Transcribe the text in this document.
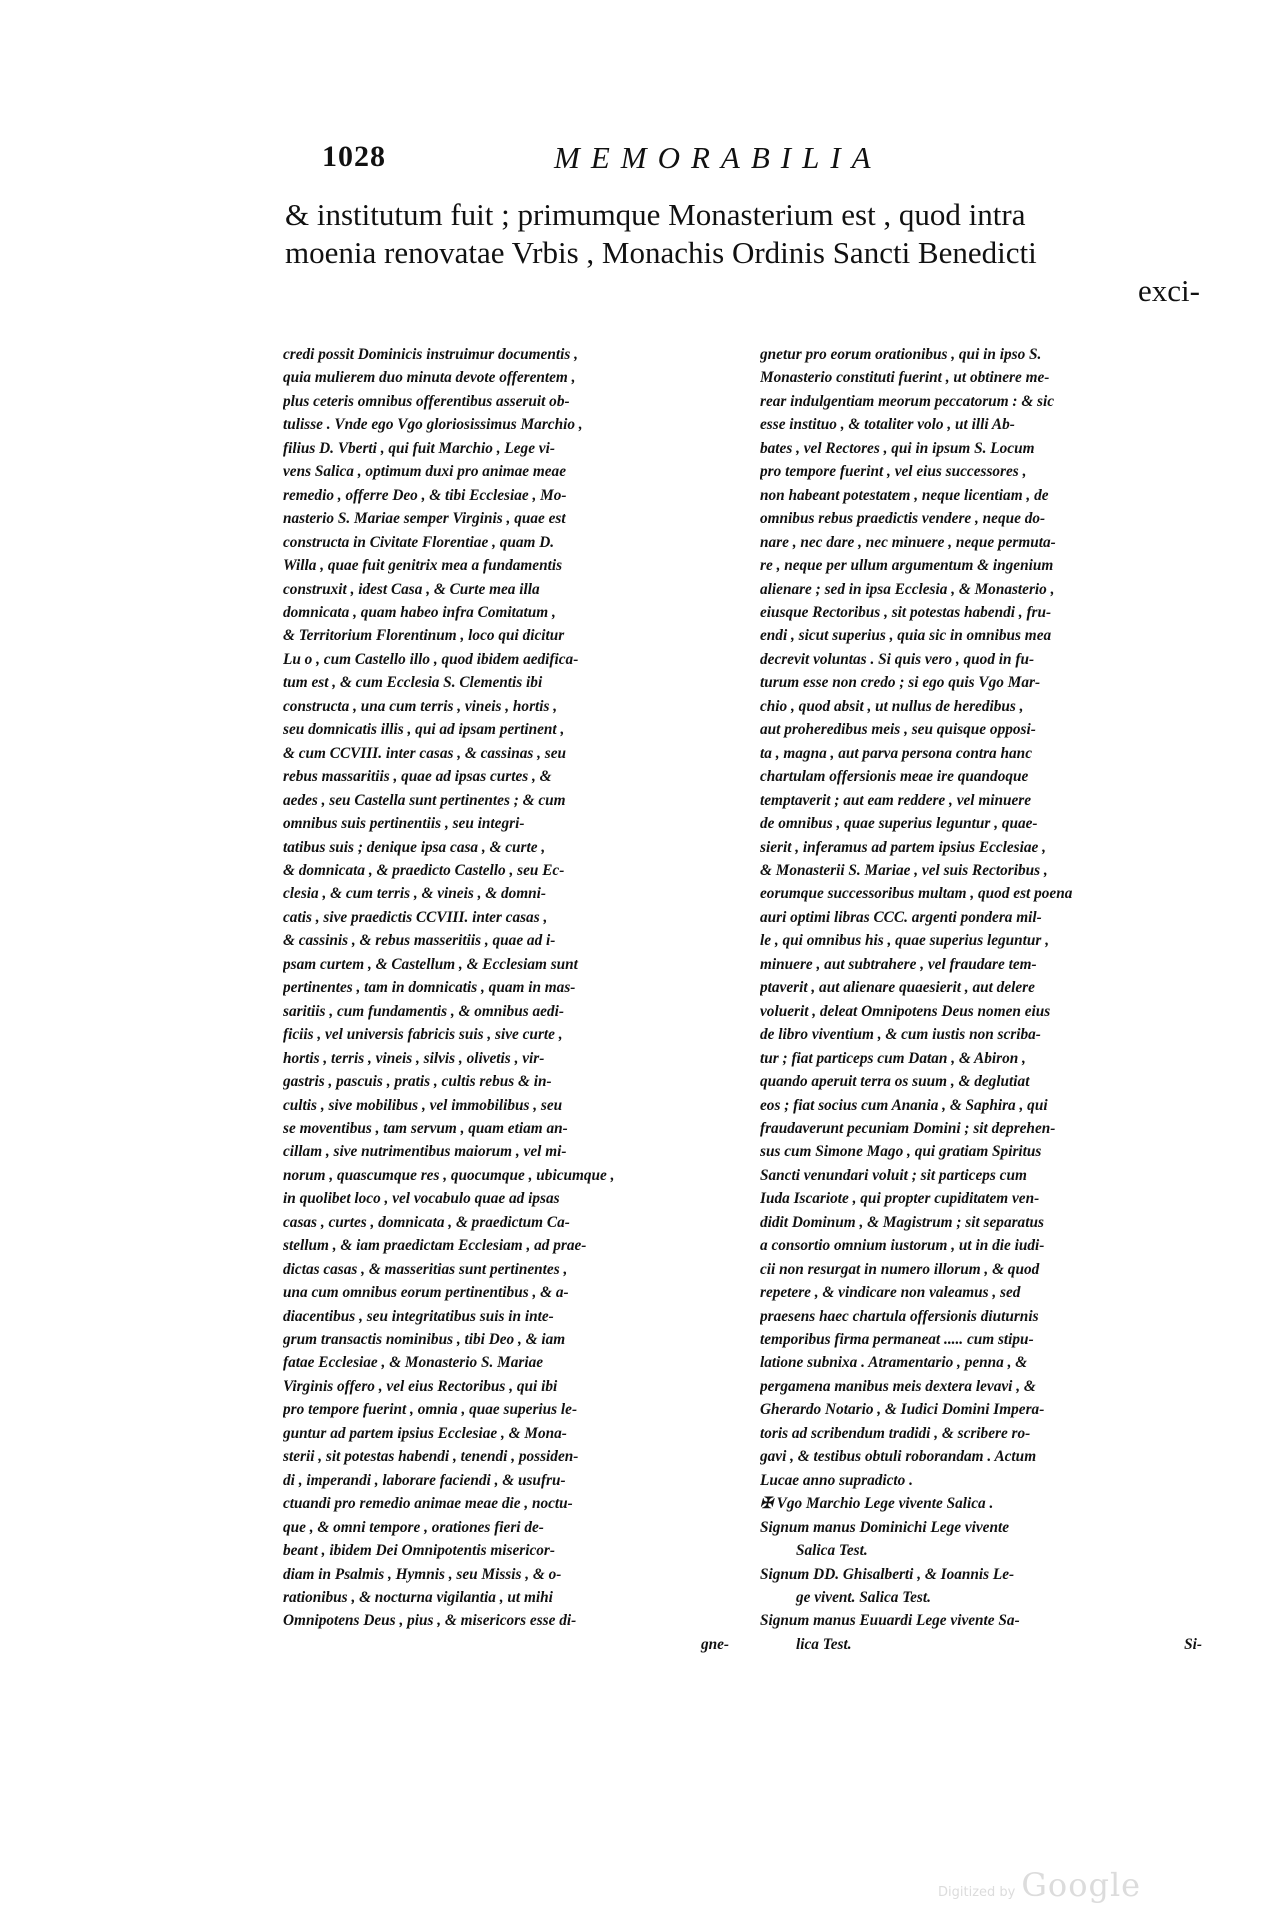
1028	MEMORABILIA
& institutum fuit ; primumque Monasterium est , quod intra
moenia renovatae Vrbis , Monachis Ordinis Sancti Benedicti
exci-
credi possit Dominicis instruimur documentis ,
quia mulierem duo minuta devote offerentem ,
plus ceteris omnibus offerentibus asseruit ob-
tulisse . Vnde ego Vgo gloriosissimus Marchio ,
filius D. Vberti , qui fuit Marchio , Lege vi-
vens Salica , optimum duxi pro animae meae
remedio , offerre Deo , & tibi Ecclesiae , Mo-
nasterio S. Mariae semper Virginis , quae est
constructa in Civitate Florentiae , quam D.
Willa , quae fuit genitrix mea a fundamentis
construxit , idest Casa , & Curte mea illa
domnicata , quam habeo infra Comitatum ,
& Territorium Florentinum , loco qui dicitur
Lu o , cum Castello illo , quod ibidem aedifica-
tum est , & cum Ecclesia S. Clementis ibi
constructa , una cum terris , vineis , hortis ,
seu domnicatis illis , qui ad ipsam pertinent ,
& cum CCVIII. inter casas , & cassinas , seu
rebus massaritiis , quae ad ipsas curtes , &
aedes , seu Castella sunt pertinentes ; & cum
omnibus suis pertinentiis , seu integri-
tatibus suis ; denique ipsa casa , & curte ,
& domnicata , & praedicto Castello , seu Ec-
clesia , & cum terris , & vineis , & domni-
catis , sive praedictis CCVIII. inter casas ,
& cassinis , & rebus masseritiis , quae ad i-
psam curtem , & Castellum , & Ecclesiam sunt
pertinentes , tam in domnicatis , quam in mas-
saritiis , cum fundamentis , & omnibus aedi-
ficiis , vel universis fabricis suis , sive curte ,
hortis , terris , vineis , silvis , olivetis , vir-
gastris , pascuis , pratis , cultis rebus & in-
cultis , sive mobilibus , vel immobilibus , seu
se moventibus , tam servum , quam etiam an-
cillam , sive nutrimentibus maiorum , vel mi-
norum , quascumque res , quocumque , ubicumque ,
in quolibet loco , vel vocabulo quae ad ipsas
casas , curtes , domnicata , & praedictum Ca-
stellum , & iam praedictam Ecclesiam , ad prae-
dictas casas , & masseritias sunt pertinentes ,
una cum omnibus eorum pertinentibus , & a-
diacentibus , seu integritatibus suis in inte-
grum transactis nominibus , tibi Deo , & iam
fatae Ecclesiae , & Monasterio S. Mariae
Virginis offero , vel eius Rectoribus , qui ibi
pro tempore fuerint , omnia , quae superius le-
guntur ad partem ipsius Ecclesiae , & Mona-
sterii , sit potestas habendi , tenendi , possiden-
di , imperandi , laborare faciendi , & usufru-
ctuandi pro remedio animae meae die , noctu-
que , & omni tempore , orationes fieri de-
beant , ibidem Dei Omnipotentis misericor-
diam in Psalmis , Hymnis , seu Missis , & o-
rationibus , & nocturna vigilantia , ut mihi
Omnipotens Deus , pius , & misericors esse di-
gne-
gnetur pro eorum orationibus , qui in ipso S.
Monasterio constituti fuerint , ut obtinere me-
rear indulgentiam meorum peccatorum : & sic
esse instituo , & totaliter volo , ut illi Ab-
bates , vel Rectores , qui in ipsum S. Locum
pro tempore fuerint , vel eius successores ,
non habeant potestatem , neque licentiam , de
omnibus rebus praedictis vendere , neque do-
nare , nec dare , nec minuere , neque permuta-
re , neque per ullum argumentum & ingenium
alienare ; sed in ipsa Ecclesia , & Monasterio ,
eiusque Rectoribus , sit potestas habendi , fru-
endi , sicut superius , quia sic in omnibus mea
decrevit voluntas . Si quis vero , quod in fu-
turum esse non credo ; si ego quis Vgo Mar-
chio , quod absit , ut nullus de heredibus ,
aut proheredibus meis , seu quisque opposi-
ta , magna , aut parva persona contra hanc
chartulam offersionis meae ire quandoque
temptaverit ; aut eam reddere , vel minuere
de omnibus , quae superius leguntur , quae-
sierit , inferamus ad partem ipsius Ecclesiae ,
& Monasterii S. Mariae , vel suis Rectoribus ,
eorumque successoribus multam , quod est poena
auri optimi libras CCC. argenti pondera mil-
le , qui omnibus his , quae superius leguntur ,
minuere , aut subtrahere , vel fraudare tem-
ptaverit , aut alienare quaesierit , aut delere
voluerit , deleat Omnipotens Deus nomen eius
de libro viventium , & cum iustis non scriba-
tur ; fiat particeps cum Datan , & Abiron ,
quando aperuit terra os suum , & deglutiat
eos ; fiat socius cum Anania , & Saphira , qui
fraudaverunt pecuniam Domini ; sit deprehen-
sus cum Simone Mago , qui gratiam Spiritus
Sancti venundari voluit ; sit particeps cum
Iuda Iscariote , qui propter cupiditatem ven-
didit Dominum , & Magistrum ; sit separatus
a consortio omnium iustorum , ut in die iudi-
cii non resurgat in numero illorum , & quod
repetere , & vindicare non valeamus , sed
praesens haec chartula offersionis diuturnis
temporibus firma permaneat ..... cum stipu-
latione subnixa . Atramentario , penna , &
pergamena manibus meis dextera levavi , &
Gherardo Notario , & Iudici Domini Impera-
toris ad scribendum tradidi , & scribere ro-
gavi , & testibus obtuli roborandam . Actum
Lucae anno supradicto .
✠ Vgo Marchio Lege vivente Salica .
Signum manus Dominichi Lege vivente
Salica Test.
Signum DD. Ghisalberti , & Ioannis Le-
ge vivent. Salica Test.
Signum manus Euuardi Lege vivente Sa-
lica Test.	Si-
Digitized by Google
